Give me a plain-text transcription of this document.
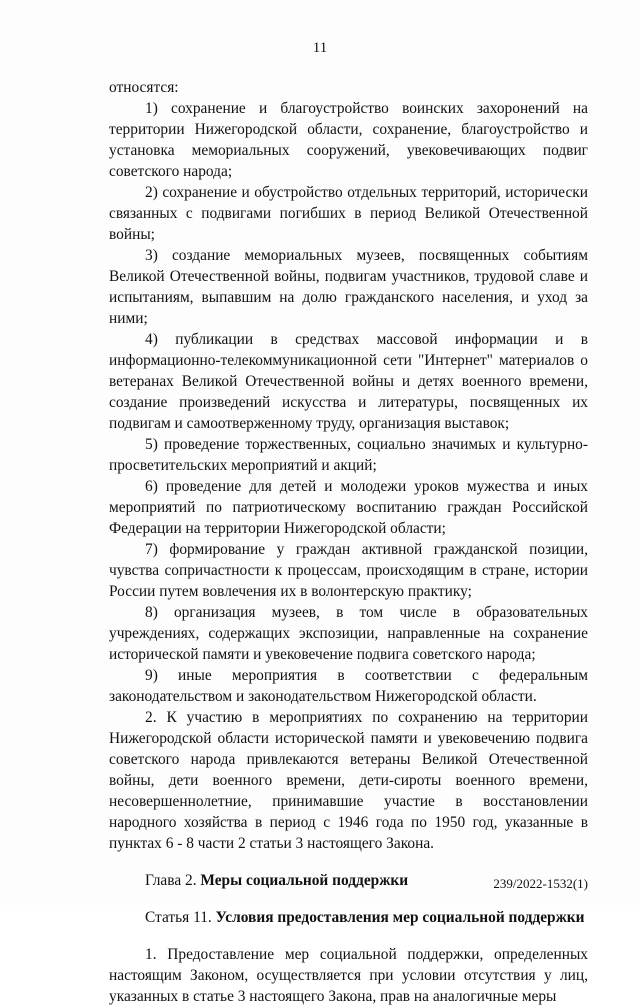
11

относятся:

1) сохранение и благоустройство воинских захоронений на территории Нижегородской области, сохранение, благоустройство и установка мемориальных сооружений, увековечивающих подвиг советского народа;

2) сохранение и обустройство отдельных территорий, исторически связанных с подвигами погибших в период Великой Отечественной войны;

3) создание мемориальных музеев, посвященных событиям Великой Отечественной войны, подвигам участников, трудовой славе и испытаниям, выпавшим на долю гражданского населения, и уход за ними;

4) публикации в средствах массовой информации и в информационно-телекоммуникационной сети "Интернет" материалов о ветеранах Великой Отечественной войны и детях военного времени, создание произведений искусства и литературы, посвященных их подвигам и самоотверженному труду, организация выставок;

5) проведение торжественных, социально значимых и культурно-просветительских мероприятий и акций;

6) проведение для детей и молодежи уроков мужества и иных мероприятий по патриотическому воспитанию граждан Российской Федерации на территории Нижегородской области;

7) формирование у граждан активной гражданской позиции, чувства сопричастности к процессам, происходящим в стране, истории России путем вовлечения их в волонтерскую практику;

8) организация музеев, в том числе в образовательных учреждениях, содержащих экспозиции, направленные на сохранение исторической памяти и увековечение подвига советского народа;

9) иные мероприятия в соответствии с федеральным законодательством и законодательством Нижегородской области.

2. К участию в мероприятиях по сохранению на территории Нижегородской области исторической памяти и увековечению подвига советского народа привлекаются ветераны Великой Отечественной войны, дети военного времени, дети-сироты военного времени, несовершеннолетние, принимавшие участие в восстановлении народного хозяйства в период с 1946 года по 1950 год, указанные в пунктах 6 - 8 части 2 статьи 3 настоящего Закона.

Глава 2. Меры социальной поддержки

Статья 11. Условия предоставления мер социальной поддержки

1. Предоставление мер социальной поддержки, определенных настоящим Законом, осуществляется при условии отсутствия у лиц, указанных в статье 3 настоящего Закона, прав на аналогичные меры

239/2022-1532(1)
